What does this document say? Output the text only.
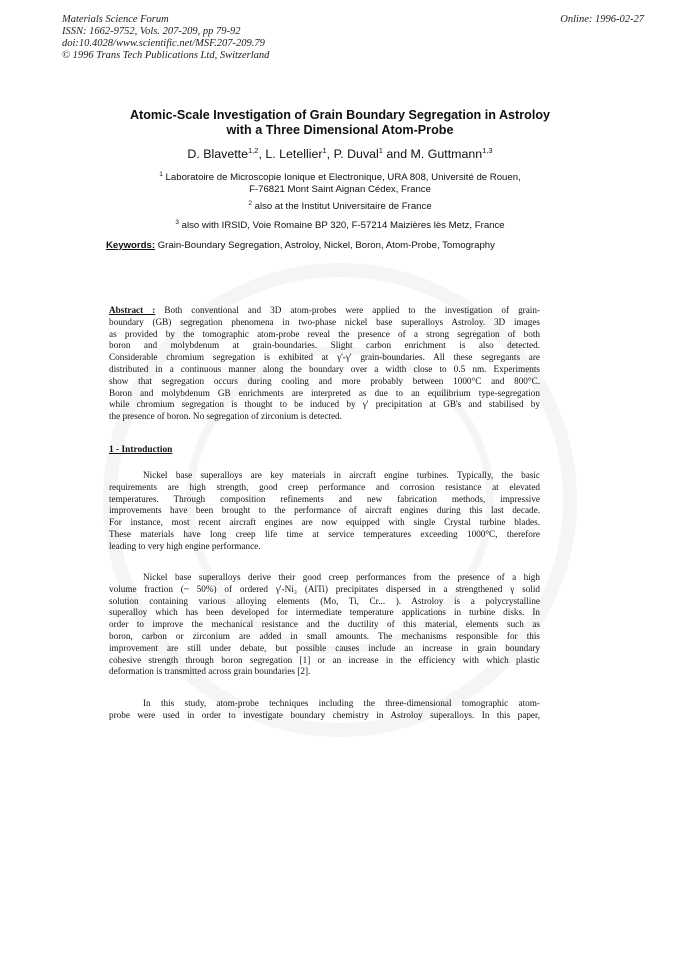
Materials Science Forum
ISSN: 1662-9752, Vols. 207-209, pp 79-92
doi:10.4028/www.scientific.net/MSF.207-209.79
© 1996 Trans Tech Publications Ltd, Switzerland
Online: 1996-02-27
Atomic-Scale Investigation of Grain Boundary Segregation in Astroloy
with a Three Dimensional Atom-Probe
D. Blavette$^{1,2}$, L. Letellier$^1$, P. Duval$^1$ and M. Guttmann$^{1,3}$
$^1$ Laboratoire de Microscopie Ionique et Electronique, URA 808, Université de Rouen,
F-76821 Mont Saint Aignan Cédex, France
$^2$ also at the Institut Universitaire de France
$^3$ also with IRSID, Voie Romaine BP 320, F-57214 Maizières lès Metz, France
Keywords: Grain-Boundary Segregation, Astroloy, Nickel, Boron, Atom-Probe, Tomography
Abstract : Both conventional and 3D atom-probes were applied to the investigation of grain-
boundary (GB) segregation phenomena in two-phase nickel base superalloys Astroloy. 3D images
as provided by the tomographic atom-probe reveal the presence of a strong segregation of both
boron and molybdenum at grain-boundaries. Slight carbon enrichment is also detected.
Considerable chromium segregation is exhibited at γ'-γ' grain-boundaries. All these segregants are
distributed in a continuous manner along the boundary over a width close to 0.5 nm. Experiments
show that segregation occurs during cooling and more probably between 1000°C and 800°C.
Boron and molybdenum GB enrichments are interpreted as due to an equilibrium type-segregation
while chromium segregation is thought to be induced by γ' precipitation at GB's and stabilised by
the presence of boron. No segregation of zirconium is detected.
1 - Introduction
Nickel base superalloys are key materials in aircraft engine turbines. Typically, the basic
requirements are high strength, good creep performance and corrosion resistance at elevated
temperatures. Through composition refinements and new fabrication methods, impressive
improvements have been brought to the performance of aircraft engines during this last decade.
For instance, most recent aircraft engines are now equipped with single Crystal turbine blades.
These materials have long creep life time at service temperatures exceeding 1000°C, therefore
leading to very high engine performance.
Nickel base superalloys derive their good creep performances from the presence of a high
volume fraction (~ 50%) of ordered γ'-Ni₃ (AlTi) precipitates dispersed in a strengthened γ solid
solution containing various alloying elements (Mo, Ti, Cr... ). Astroloy is a polycrystalline
superalloy which has been developed for intermediate temperature applications in turbine disks. In
order to improve the mechanical resistance and the ductility of this material, elements such as
boron, carbon or zirconium are added in small amounts. The mechanisms responsible for this
improvement are still under debate, but possible causes include an increase in grain boundary
cohesive strength through boron segregation [1] or an increase in the efficiency with which plastic
deformation is transmitted across grain boundaries [2].
In this study, atom-probe techniques including the three-dimensional tomographic atom-
probe were used in order to investigate boundary chemistry in Astroloy superalloys. In this paper,
